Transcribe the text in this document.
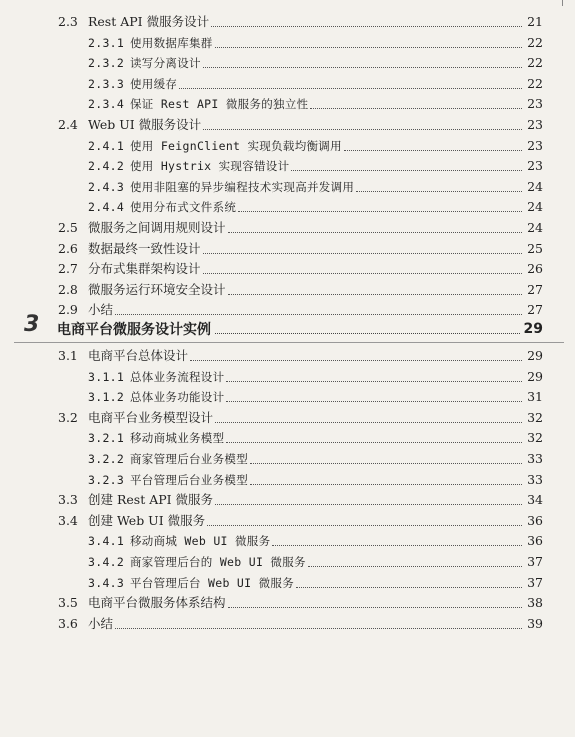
2.3 Rest API 微服务设计	21
2.3.1 使用数据库集群	22
2.3.2 读写分离设计	22
2.3.3 使用缓存	22
2.3.4 保证 Rest API 微服务的独立性	23
2.4 Web UI 微服务设计	23
2.4.1 使用 FeignClient 实现负载均衡调用	23
2.4.2 使用 Hystrix 实现容错设计	23
2.4.3 使用非阻塞的异步编程技术实现高并发调用	24
2.4.4 使用分布式文件系统	24
2.5 微服务之间调用规则设计	24
2.6 数据最终一致性设计	25
2.7 分布式集群架构设计	26
2.8 微服务运行环境安全设计	27
2.9 小结	27
3 电商平台微服务设计实例	29
3.1 电商平台总体设计	29
3.1.1 总体业务流程设计	29
3.1.2 总体业务功能设计	31
3.2 电商平台业务模型设计	32
3.2.1 移动商城业务模型	32
3.2.2 商家管理后台业务模型	33
3.2.3 平台管理后台业务模型	33
3.3 创建 Rest API 微服务	34
3.4 创建 Web UI 微服务	36
3.4.1 移动商城 Web UI 微服务	36
3.4.2 商家管理后台的 Web UI 微服务	37
3.4.3 平台管理后台 Web UI 微服务	37
3.5 电商平台微服务体系结构	38
3.6 小结	39
